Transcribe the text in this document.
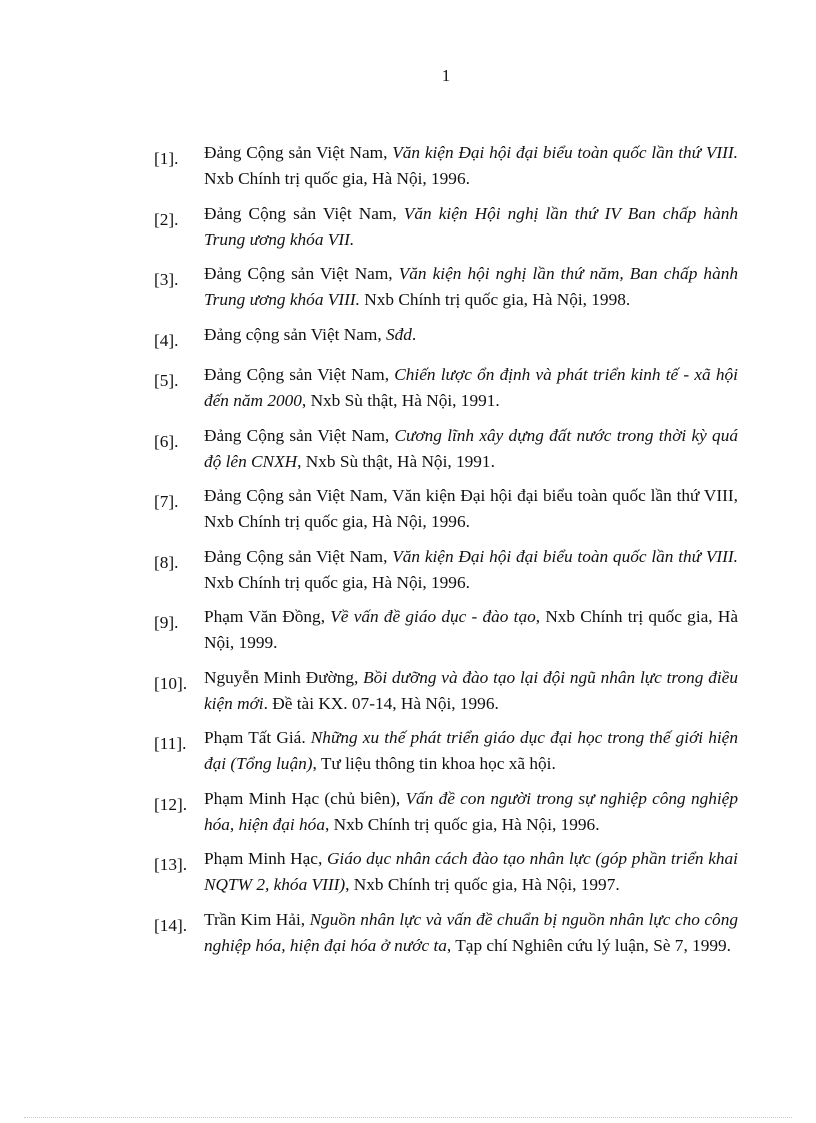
1
[1].	Đảng Cộng sản Việt Nam, Văn kiện Đại hội đại biểu toàn quốc lần thứ VIII. Nxb Chính trị quốc gia, Hà Nội, 1996.
[2].	Đảng Cộng sản Việt Nam, Văn kiện Hội nghị lần thứ IV Ban chấp hành Trung ương khóa VII.
[3].	Đảng Cộng sản Việt Nam, Văn kiện hội nghị lần thứ năm, Ban chấp hành Trung ương khóa VIII. Nxb Chính trị quốc gia, Hà Nội, 1998.
[4].	Đảng cộng sản Việt Nam, Sđd.
[5].	Đảng Cộng sản Việt Nam, Chiến lược ổn định và phát triển kinh tế - xã hội đến năm 2000, Nxb Sù thật, Hà Nội, 1991.
[6].	Đảng Cộng sản Việt Nam, Cương lĩnh xây dựng đất nước trong thời kỳ quá độ lên CNXH, Nxb Sù thật, Hà Nội, 1991.
[7].	Đảng Cộng sản Việt Nam, Văn kiện Đại hội đại biểu toàn quốc lần thứ VIII, Nxb Chính trị quốc gia, Hà Nội, 1996.
[8].	Đảng Cộng sản Việt Nam, Văn kiện Đại hội đại biểu toàn quốc lần thứ VIII. Nxb Chính trị quốc gia, Hà Nội, 1996.
[9].	Phạm Văn Đồng, Về vấn đề giáo dục - đào tạo, Nxb Chính trị quốc gia, Hà Nội, 1999.
[10]. Nguyễn Minh Đường, Bồi dưỡng và đào tạo lại đội ngũ nhân lực trong điều kiện mới. Đề tài KX. 07-14, Hà Nội, 1996.
[11].	Phạm Tất Giá. Những xu thế phát triển giáo dục đại học trong thế giới hiện đại (Tổng luận), Tư liệu thông tin khoa học xã hội.
[12]. Phạm Minh Hạc (chủ biên), Vấn đề con người trong sự nghiệp công nghiệp hóa, hiện đại hóa, Nxb Chính trị quốc gia, Hà Nội, 1996.
[13]. Phạm Minh Hạc, Giáo dục nhân cách đào tạo nhân lực (góp phần triển khai NQTW 2, khóa VIII), Nxb Chính trị quốc gia, Hà Nội, 1997.
[14]. Trần Kim Hải, Nguồn nhân lực và vấn đề chuẩn bị nguồn nhân lực cho công nghiệp hóa, hiện đại hóa ở nước ta, Tạp chí Nghiên cứu lý luận, Sè 7, 1999.
